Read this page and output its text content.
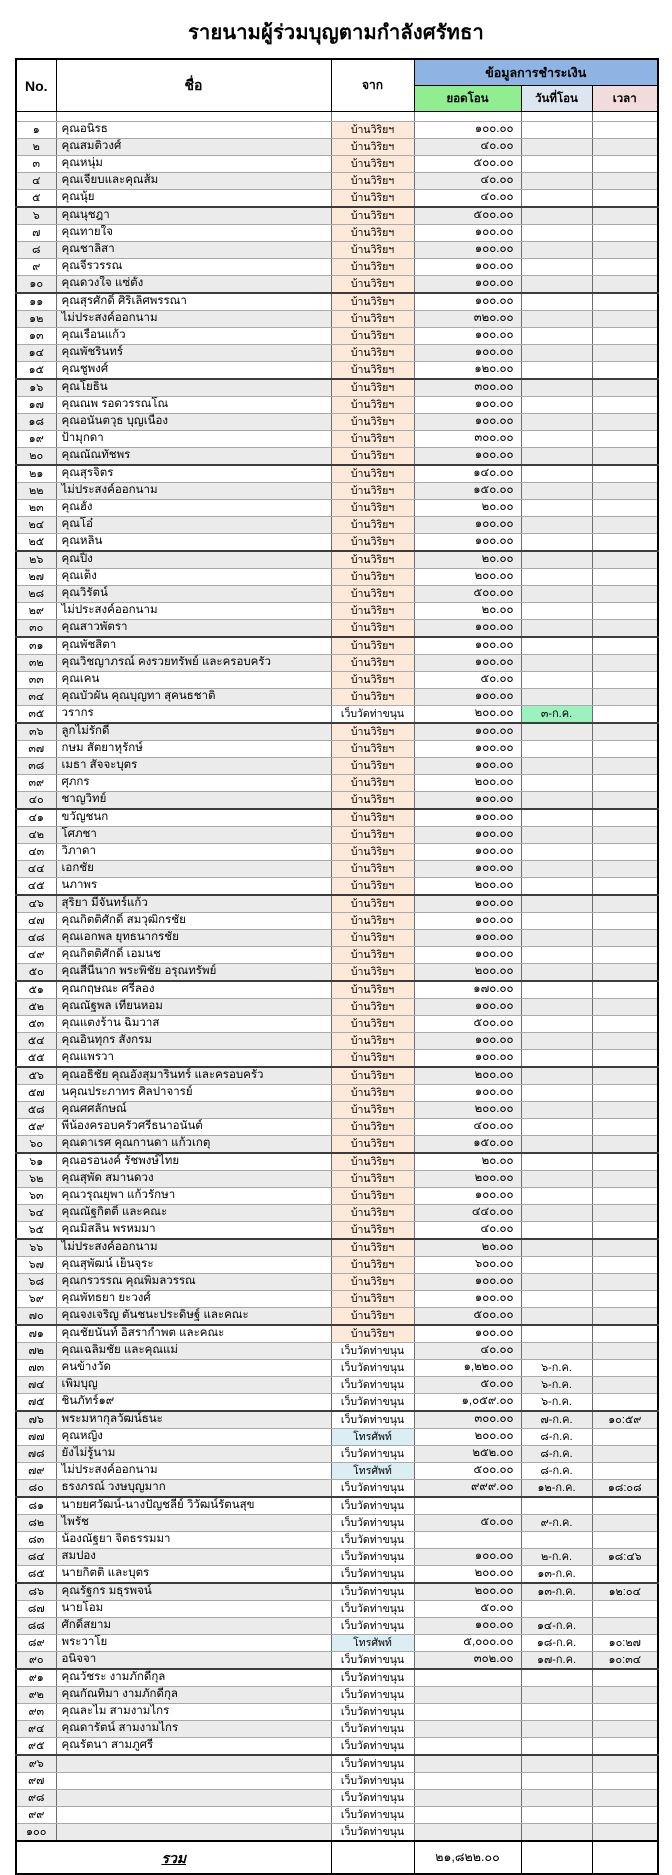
รายนามผู้ร่วมบุญตามกำลังศรัทธา
No.	ชื่อ	จาก	ข้อมูลการชำระเงิน		
			ยอดโอน	วันที่โอน	เวลา

๑	คุณอนิรธ	บ้านวิริยฯ	๑๐๐.๐๐		
๒	คุณสมติวงศ์	บ้านวิริยฯ	๔๐.๐๐		
๓	คุณหนุ่ม	บ้านวิริยฯ	๕๐๐.๐๐		
๔	คุณเจียบและคุณส้ม	บ้านวิริยฯ	๔๐.๐๐		
๕	คุณนุ้ย	บ้านวิริยฯ	๔๐.๐๐		
๖	คุณนุชฎา	บ้านวิริยฯ	๕๐๐.๐๐		
๗	คุณทายใจ	บ้านวิริยฯ	๑๐๐.๐๐		
๘	คุณชาลิสา	บ้านวิริยฯ	๑๐๐.๐๐		
๙	คุณจีรวรรณ	บ้านวิริยฯ	๑๐๐.๐๐		
๑๐	คุณดวงใจ แซ่ตั้ง	บ้านวิริยฯ	๑๐๐.๐๐		
๑๑	คุณสุรศักดิ์ ศิริเลิศพรรณา	บ้านวิริยฯ	๑๐๐.๐๐		
๑๒	ไม่ประสงค์ออกนาม	บ้านวิริยฯ	๓๒๐.๐๐		
๑๓	คุณเรือนแก้ว	บ้านวิริยฯ	๑๐๐.๐๐		
๑๔	คุณพัชรินทร์	บ้านวิริยฯ	๑๐๐.๐๐		
๑๕	คุณชูพงศ์	บ้านวิริยฯ	๑๒๐.๐๐		
๑๖	คุณโยธิน	บ้านวิริยฯ	๓๐๐.๐๐		
๑๗	คุณณพ รอดวรรณโณ	บ้านวิริยฯ	๑๐๐.๐๐		
๑๘	คุณอนันตวุธ บุญเนื่อง	บ้านวิริยฯ	๑๐๐.๐๐		
๑๙	ป้ามุกดา	บ้านวิริยฯ	๓๐๐.๐๐		
๒๐	คุณณัณทัชพร	บ้านวิริยฯ	๑๐๐.๐๐		
๒๑	คุณสุรจิตร	บ้านวิริยฯ	๑๔๐.๐๐		
๒๒	ไม่ประสงค์ออกนาม	บ้านวิริยฯ	๑๕๐.๐๐		
๒๓	คุณฮั้ง	บ้านวิริยฯ	๒๐.๐๐		
๒๔	คุณโอ๋	บ้านวิริยฯ	๑๐๐.๐๐		
๒๕	คุณหลิน	บ้านวิริยฯ	๑๐๐.๐๐		
๒๖	คุณปิ้ง	บ้านวิริยฯ	๒๐.๐๐		
๒๗	คุณเต็ง	บ้านวิริยฯ	๒๐๐.๐๐		
๒๘	คุณวิรัตน์	บ้านวิริยฯ	๕๐๐.๐๐		
๒๙	ไม่ประสงค์ออกนาม	บ้านวิริยฯ	๒๐.๐๐		
๓๐	คุณสาวพัตรา	บ้านวิริยฯ	๑๐๐.๐๐		
๓๑	คุณพัชสิตา	บ้านวิริยฯ	๑๐๐.๐๐		
๓๒	คุณวิชญาภรณ์ คงรวยทรัพย์ และครอบครัว	บ้านวิริยฯ	๑๐๐.๐๐		
๓๓	คุณเคน	บ้านวิริยฯ	๕๐.๐๐		
๓๔	คุณบัวผัน คุณบุญทา สุคนธชาติ	บ้านวิริยฯ	๑๐๐.๐๐		
๓๕	วรากร	เว็บวัดท่าขนุน	๒๐๐.๐๐	๓-ก.ค.	
๓๖	ลูกไม่รักดี	บ้านวิริยฯ	๑๐๐.๐๐		
๓๗	กษม สัตยาหุรักษ์	บ้านวิริยฯ	๑๐๐.๐๐		
๓๘	เมธา สัจจะบุตร	บ้านวิริยฯ	๑๐๐.๐๐		
๓๙	ศุภกร	บ้านวิริยฯ	๒๐๐.๐๐		
๔๐	ชาญวิทย์	บ้านวิริยฯ	๑๐๐.๐๐		
๔๑	ขวัญชนก	บ้านวิริยฯ	๑๐๐.๐๐		
๔๒	โศภชา	บ้านวิริยฯ	๑๐๐.๐๐		
๔๓	วิภาดา	บ้านวิริยฯ	๑๐๐.๐๐		
๔๔	เอกชัย	บ้านวิริยฯ	๑๐๐.๐๐		
๔๕	นภาพร	บ้านวิริยฯ	๒๐๐.๐๐		
๔๖	สุริยา มีจันทร์แก้ว	บ้านวิริยฯ	๑๐๐.๐๐		
๔๗	คุณกิตติศักดิ์ สมวุฒิกรชัย	บ้านวิริยฯ	๑๐๐.๐๐		
๔๘	คุณเอกพล ยุทธนากรชัย	บ้านวิริยฯ	๑๐๐.๐๐		
๔๙	คุณกิตติศักดิ์ เอมนช	บ้านวิริยฯ	๑๐๐.๐๐		
๕๐	คุณสีนีนาก พระพิชัย อรุณทรัพย์	บ้านวิริยฯ	๒๐๐.๐๐		
๕๑	คุณกฤษณะ ศรีลอง	บ้านวิริยฯ	๑๗๐.๐๐		
๕๒	คุณณัฐพล เทียนหอม	บ้านวิริยฯ	๑๐๐.๐๐		
๕๓	คุณแตงร้าน ฉิมวาส	บ้านวิริยฯ	๕๐๐.๐๐		
๕๔	คุณอินทุกร สังกรม	บ้านวิริยฯ	๑๐๐.๐๐		
๕๕	คุณแพรวา	บ้านวิริยฯ	๑๐๐.๐๐		
๕๖	คุณอธิชัย คุณอังสุมารินทร์ และครอบครัว	บ้านวิริยฯ	๒๐๐.๐๐		
๕๗	นคุณประภาทร ศิลปาจารย์	บ้านวิริยฯ	๑๐๐.๐๐		
๕๘	คุณศศลักษณ์	บ้านวิริยฯ	๒๐๐.๐๐		
๕๙	พี่น้องครอบครัวศรีธนาอนันต์	บ้านวิริยฯ	๔๐๐.๐๐		
๖๐	คุณดาเรศ คุณกานดา แก้วเกตุ	บ้านวิริยฯ	๑๕๐.๐๐		
๖๑	คุณอรอนงค์ รัชพงษ์ไทย	บ้านวิริยฯ	๒๐.๐๐		
๖๒	คุณสุพัด สมานดวง	บ้านวิริยฯ	๒๐๐.๐๐		
๖๓	คุณวรุณยุพา แก้วรักษา	บ้านวิริยฯ	๑๐๐.๐๐		
๖๔	คุณณัฐกิตติ์ และคณะ	บ้านวิริยฯ	๔๔๐.๐๐		
๖๕	คุณมิสลิน พรหมมา	บ้านวิริยฯ	๔๐.๐๐		
๖๖	ไม่ประสงค์ออกนาม	บ้านวิริยฯ	๒๐.๐๐		
๖๗	คุณสุพัฒน์ เย็นจุระ	บ้านวิริยฯ	๖๐๐.๐๐		
๖๘	คุณกรวรรณ คุณพิมลวรรณ	บ้านวิริยฯ	๑๐๐.๐๐		
๖๙	คุณพัทธยา ยะวงศ์	บ้านวิริยฯ	๑๐๐.๐๐		
๗๐	คุณจงเจริญ ตันชนะประดิษฐ์ และคณะ	บ้านวิริยฯ	๕๐๐.๐๐		
๗๑	คุณชัยนันท์ อิสรากำพต และคณะ	บ้านวิริยฯ	๑๐๐.๐๐		
๗๒	คุณเฉลิมชัย และคุณแม่	เว็บวัดท่าขนุน	๔๐.๐๐		
๗๓	คนข้างวัด	เว็บวัดท่าขนุน	๑,๒๒๐.๐๐	๖-ก.ค.	
๗๔	เพิ่มบุญ	เว็บวัดท่าขนุน	๕๐.๐๐	๖-ก.ค.	
๗๕	ชินภัทร์๑๙	เว็บวัดท่าขนุน	๑,๐๕๙.๐๐	๖-ก.ค.	
๗๖	พระมหากุลวัฒน์ธนะ	เว็บวัดท่าขนุน	๓๐๐.๐๐	๗-ก.ค.	๑๐:๕๙
๗๗	คุณหญิง	โทรศัพท์	๒๐๐.๐๐	๘-ก.ค.	
๗๘	ยังไม่รู้นาม	เว็บวัดท่าขนุน	๒๕๒.๐๐	๘-ก.ค.	
๗๙	ไม่ประสงค์ออกนาม	โทรศัพท์	๕๐๐.๐๐	๘-ก.ค.	
๘๐	ธรงภรณ์ วงษบุญมาก	เว็บวัดท่าขนุน	๙๙๙.๐๐	๑๒-ก.ค.	๑๘:๐๘
๘๑	นายยศวัฒน์-นางปัญชลีย์ วิวัฒน์รัตนสุข	เว็บวัดท่าขนุน			
๘๒	ไพรัช	เว็บวัดท่าขนุน	๕๐.๐๐	๙-ก.ค.	
๘๓	น้องณัฐยา จิตธรรมมา	เว็บวัดท่าขนุน			
๘๔	สมปอง	เว็บวัดท่าขนุน	๑๐๐.๐๐	๒-ก.ค.	๑๘:๔๖
๘๕	นายกิตติ และบุตร	เว็บวัดท่าขนุน	๒๐๐.๐๐	๑๓-ก.ค.	
๘๖	คุณรัฐกร มธุรพจน์	เว็บวัดท่าขนุน	๒๐๐.๐๐	๑๓-ก.ค.	๑๒:๐๔
๘๗	นายโอม	เว็บวัดท่าขนุน	๕๐.๐๐		
๘๘	ศักดิ์สยาม	เว็บวัดท่าขนุน	๑๐๐.๐๐	๑๔-ก.ค.	
๘๙	พระวาโย	โทรศัพท์	๕,๐๐๐.๐๐	๑๘-ก.ค.	๑๐:๒๗
๙๐	อนิจจา	เว็บวัดท่าขนุน	๓๐๒.๐๐	๑๗-ก.ค.	๑๐:๓๔
๙๑	คุณวัชระ งามภักดีกุล	เว็บวัดท่าขนุน			
๙๒	คุณกัณทิมา งามภักดีกุล	เว็บวัดท่าขนุน			
๙๓	คุณละไม สามงามไกร	เว็บวัดท่าขนุน			
๙๔	คุณดารัตน์ สามงามไกร	เว็บวัดท่าขนุน			
๙๕	คุณรัตนา สามภูศรี	เว็บวัดท่าขนุน			
๙๖		เว็บวัดท่าขนุน			
๙๗		เว็บวัดท่าขนุน			
๙๘		เว็บวัดท่าขนุน			
๙๙		เว็บวัดท่าขนุน			
๑๐๐		เว็บวัดท่าขนุน			
รวม			๒๑,๘๒๒.๐๐		
